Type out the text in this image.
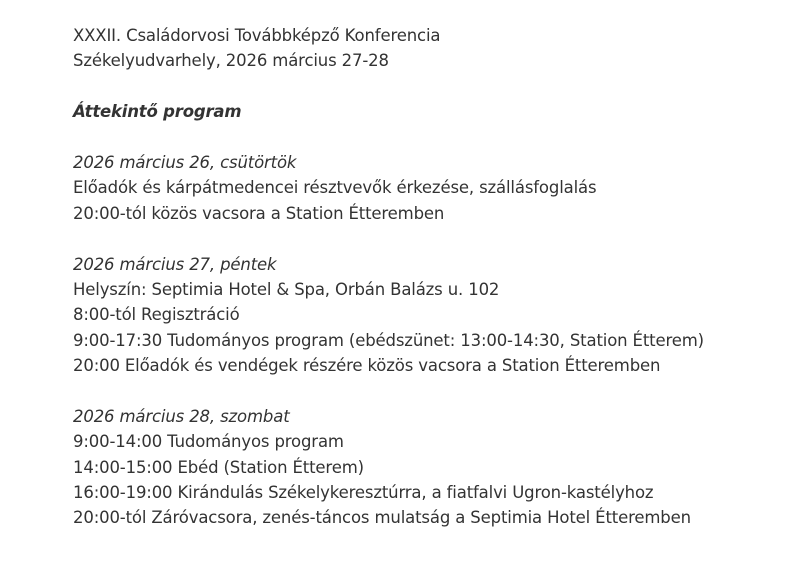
XXXII. Családorvosi Továbbképző Konferencia
Székelyudvarhely, 2026 március 27-28
Áttekintő program
2026 március 26, csütörtök
Előadók és kárpátmedencei résztvevők érkezése, szállásfoglalás
20:00-tól közös vacsora a Station Étteremben
2026 március 27, péntek
Helyszín: Septimia Hotel & Spa, Orbán Balázs u. 102
8:00-tól Regisztráció
9:00-17:30 Tudományos program (ebédszünet: 13:00-14:30, Station Étterem)
20:00 Előadók és vendégek részére közös vacsora a Station Étteremben
2026 március 28, szombat
9:00-14:00 Tudományos program
14:00-15:00 Ebéd (Station Étterem)
16:00-19:00 Kirándulás Székelykeresztúrra, a fiatfalvi Ugron-kastélyhoz
20:00-tól Záróvacsora, zenés-táncos mulatság a Septimia Hotel Étteremben
